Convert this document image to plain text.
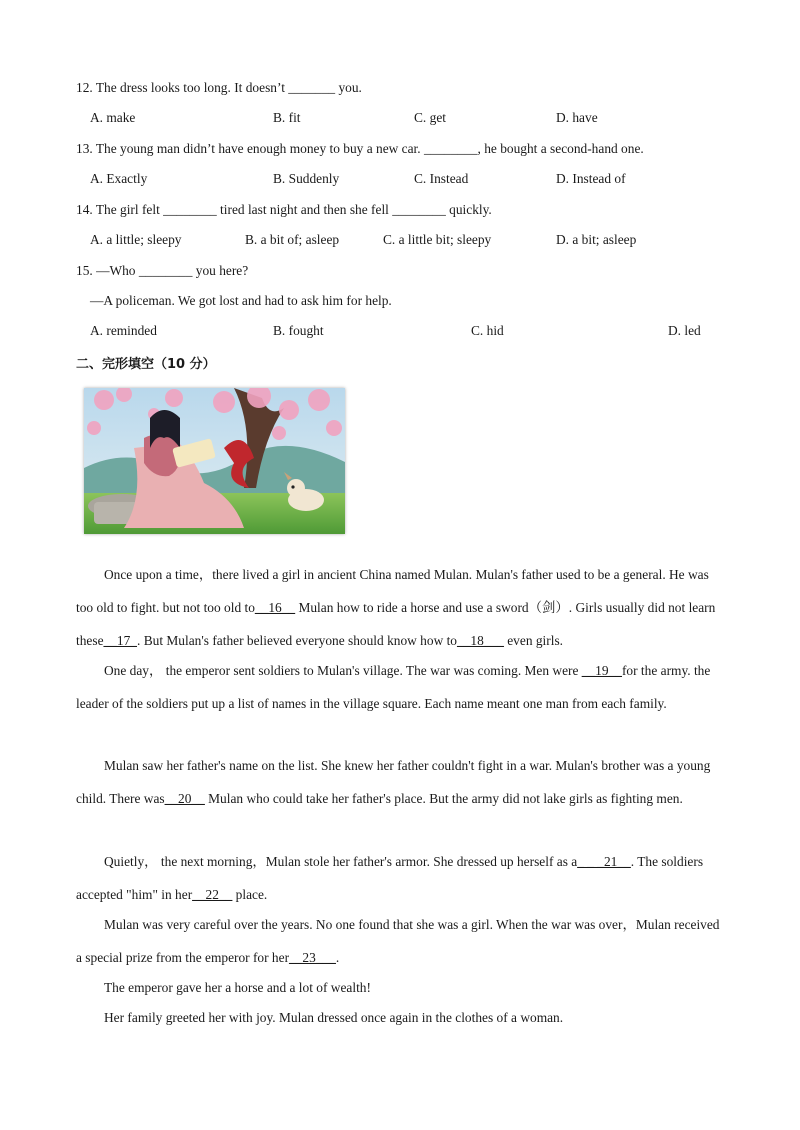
12. The dress looks too long. It doesn’t _______ you.
A. make	B. fit	C. get	D. have
13. The young man didn’t have enough money to buy a new car. ________, he bought a second-hand one.
A. Exactly	B. Suddenly	C. Instead	D. Instead of
14. The girl felt ________ tired last night and then she fell ________ quickly.
A. a little; sleepy	B. a bit of; asleep	C. a little bit; sleepy	D. a bit; asleep
15. —Who ________ you here?
—A policeman. We got lost and had to ask him for help.
A. reminded	B. fought	C. hid	D. led
二、完形填空（10 分）

Once upon a time，there lived a girl in ancient China named Mulan. Mulan's father used to be a general. He was too old to fight. but not too old to__16__ Mulan how to ride a horse and use a sword（剑）. Girls usually did not learn these__17_. But Mulan's father believed everyone should know how to__18___ even girls.

One day， the emperor sent soldiers to Mulan's village. The war was coming. Men were __19__for the army. the leader of the soldiers put up a list of names in the village square. Each name meant one man from each family.

Mulan saw her father's name on the list. She knew her father couldn't fight in a war. Mulan's brother was a young child. There was__20__ Mulan who could take her father's place. But the army did not lake girls as fighting men.

Quietly， the next morning，Mulan stole her father's armor. She dressed up herself as a_ _ _21__. The soldiers accepted "him" in her__22__ place.

Mulan was very careful over the years. No one found that she was a girl. When the war was over，Mulan received a special prize from the emperor for her__23___.

The emperor gave her a horse and a lot of wealth!
Her family greeted her with joy. Mulan dressed once again in the clothes of a woman.
